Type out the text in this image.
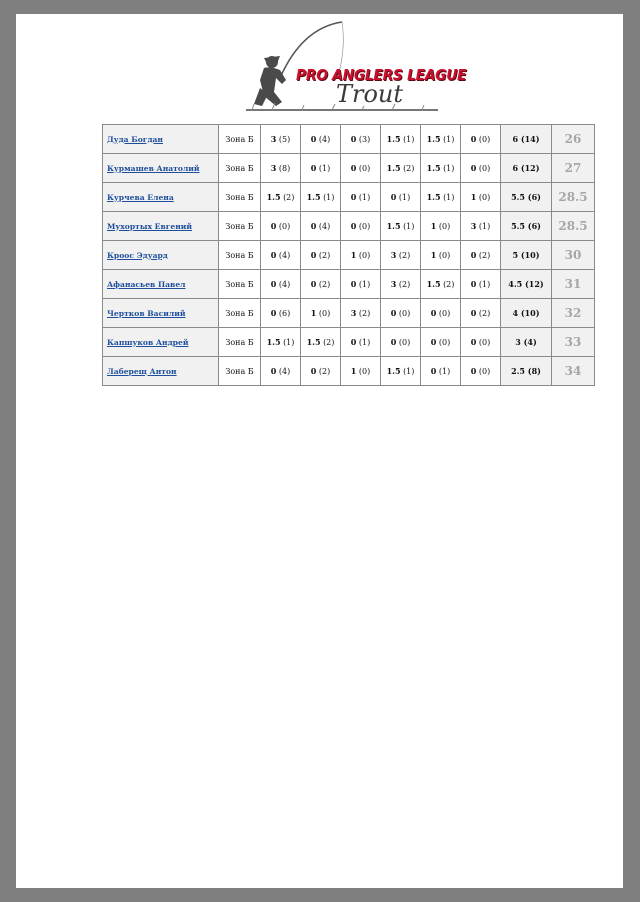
PRO ANGLERS LEAGUE
Trout
Дуда Богдан	Зона Б	3 (5)	0 (4)	0 (3)	1.5 (1)	1.5 (1)	0 (0)	6 (14)	26
Курмашев Анатолий	Зона Б	3 (8)	0 (1)	0 (0)	1.5 (2)	1.5 (1)	0 (0)	6 (12)	27
Курчева Елена	Зона Б	1.5 (2)	1.5 (1)	0 (1)	0 (1)	1.5 (1)	1 (0)	5.5 (6)	28.5
Мухортых Евгений	Зона Б	0 (0)	0 (4)	0 (0)	1.5 (1)	1 (0)	3 (1)	5.5 (6)	28.5
Кроос Эдуард	Зона Б	0 (4)	0 (2)	1 (0)	3 (2)	1 (0)	0 (2)	5 (10)	30
Афанасьев Павел	Зона Б	0 (4)	0 (2)	0 (1)	3 (2)	1.5 (2)	0 (1)	4.5 (12)	31
Чертков Василий	Зона Б	0 (6)	1 (0)	3 (2)	0 (0)	0 (0)	0 (2)	4 (10)	32
Капшуков Андрей	Зона Б	1.5 (1)	1.5 (2)	0 (1)	0 (0)	0 (0)	0 (0)	3 (4)	33
Лаберещ Антон	Зона Б	0 (4)	0 (2)	1 (0)	1.5 (1)	0 (1)	0 (0)	2.5 (8)	34
